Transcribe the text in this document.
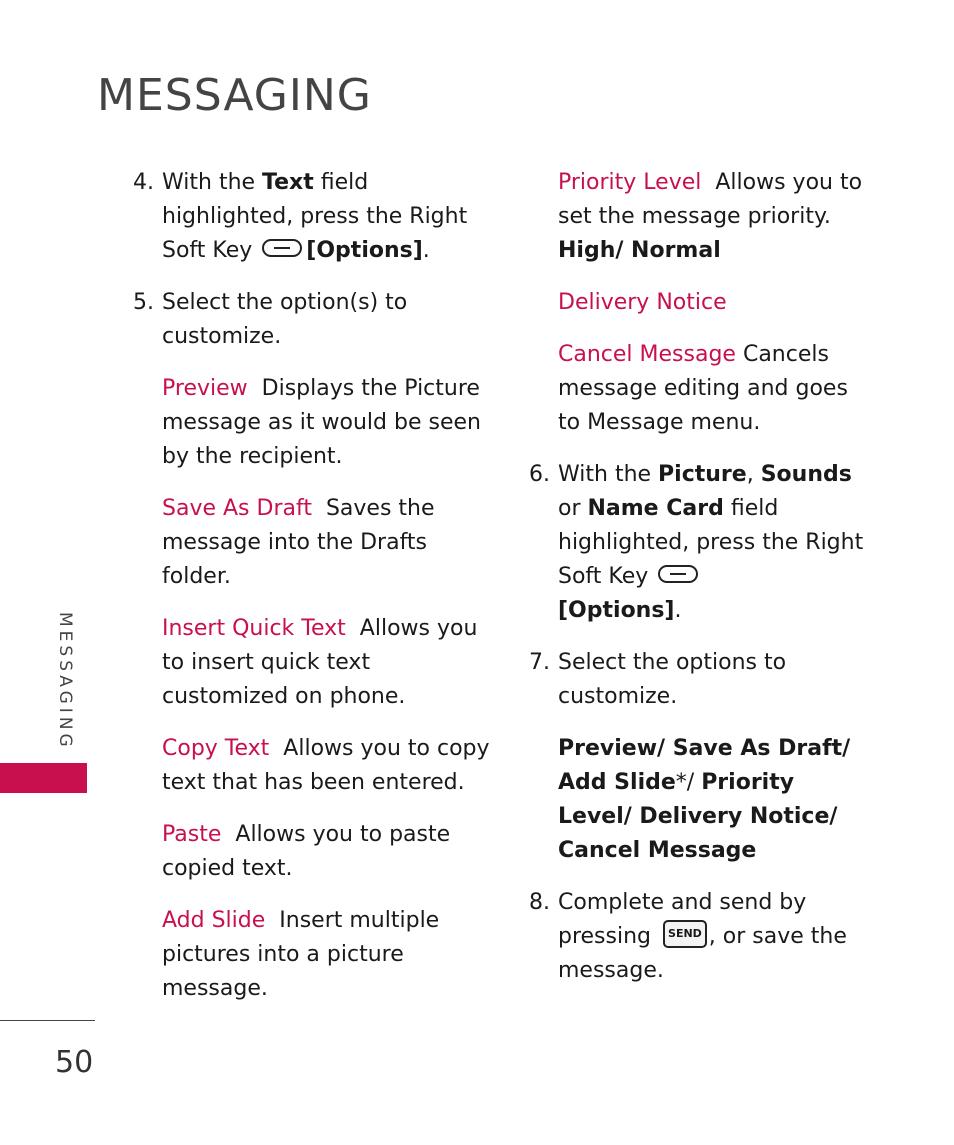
MESSAGING

4. With the Text field highlighted, press the Right Soft Key [Options].

5. Select the option(s) to customize.

Preview Displays the Picture message as it would be seen by the recipient.

Save As Draft Saves the message into the Drafts folder.

Insert Quick Text Allows you to insert quick text customized on phone.

Copy Text Allows you to copy text that has been entered.

Paste Allows you to paste copied text.

Add Slide Insert multiple pictures into a picture message.

Priority Level Allows you to set the message priority.
High/ Normal

Delivery Notice

Cancel Message Cancels message editing and goes to Message menu.

6. With the Picture, Sounds or Name Card field highlighted, press the Right Soft Key
[Options].

7. Select the options to customize.

Preview/ Save As Draft/ Add Slide*/ Priority Level/ Delivery Notice/ Cancel Message

8. Complete and send by pressing SEND , or save the message.

MESSAGING
50
